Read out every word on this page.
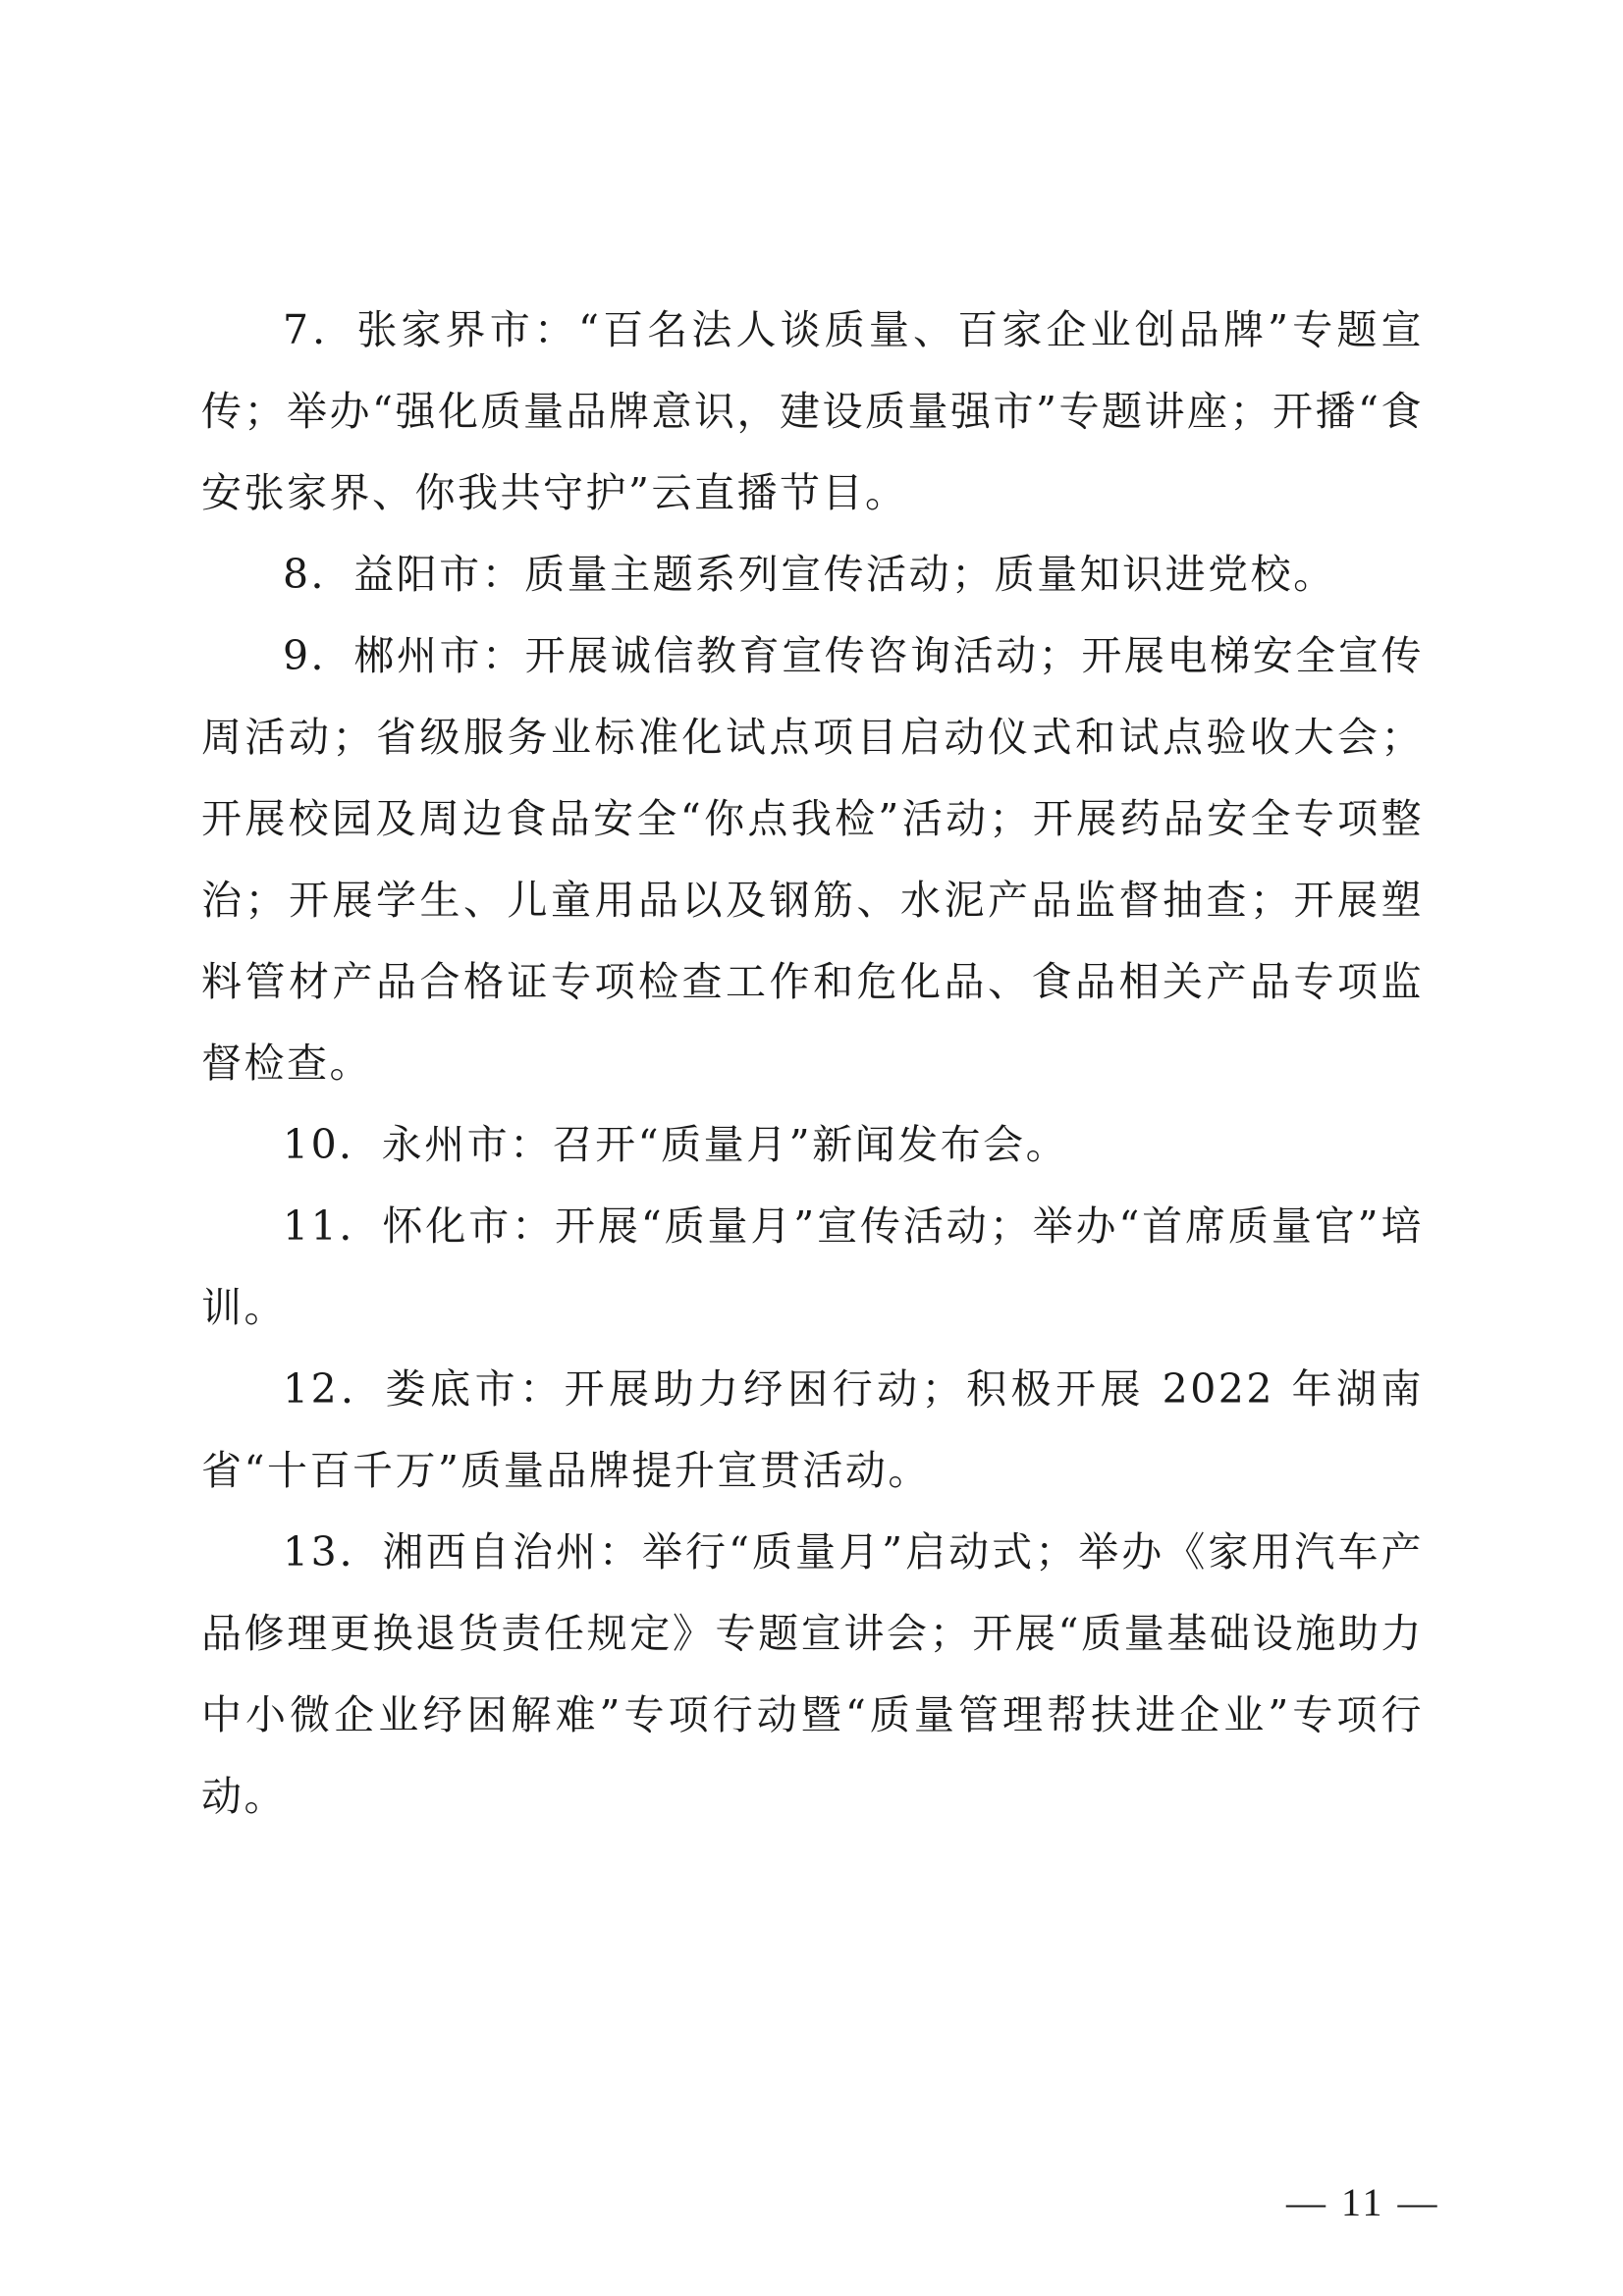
7．张家界市：“百名法人谈质量、百家企业创品牌”专题宣传；举办“强化质量品牌意识，建设质量强市”专题讲座；开播“食安张家界、你我共守护”云直播节目。

8．益阳市：质量主题系列宣传活动；质量知识进党校。

9．郴州市：开展诚信教育宣传咨询活动；开展电梯安全宣传周活动；省级服务业标准化试点项目启动仪式和试点验收大会；开展校园及周边食品安全“你点我检”活动；开展药品安全专项整治；开展学生、儿童用品以及钢筋、水泥产品监督抽查；开展塑料管材产品合格证专项检查工作和危化品、食品相关产品专项监督检查。

10．永州市：召开“质量月”新闻发布会。

11．怀化市：开展“质量月”宣传活动；举办“首席质量官”培训。

12．娄底市：开展助力纾困行动；积极开展 2022 年湖南省“十百千万”质量品牌提升宣贯活动。

13．湘西自治州：举行“质量月”启动式；举办《家用汽车产品修理更换退货责任规定》专题宣讲会；开展“质量基础设施助力中小微企业纾困解难”专项行动暨“质量管理帮扶进企业”专项行动。

— 11 —
